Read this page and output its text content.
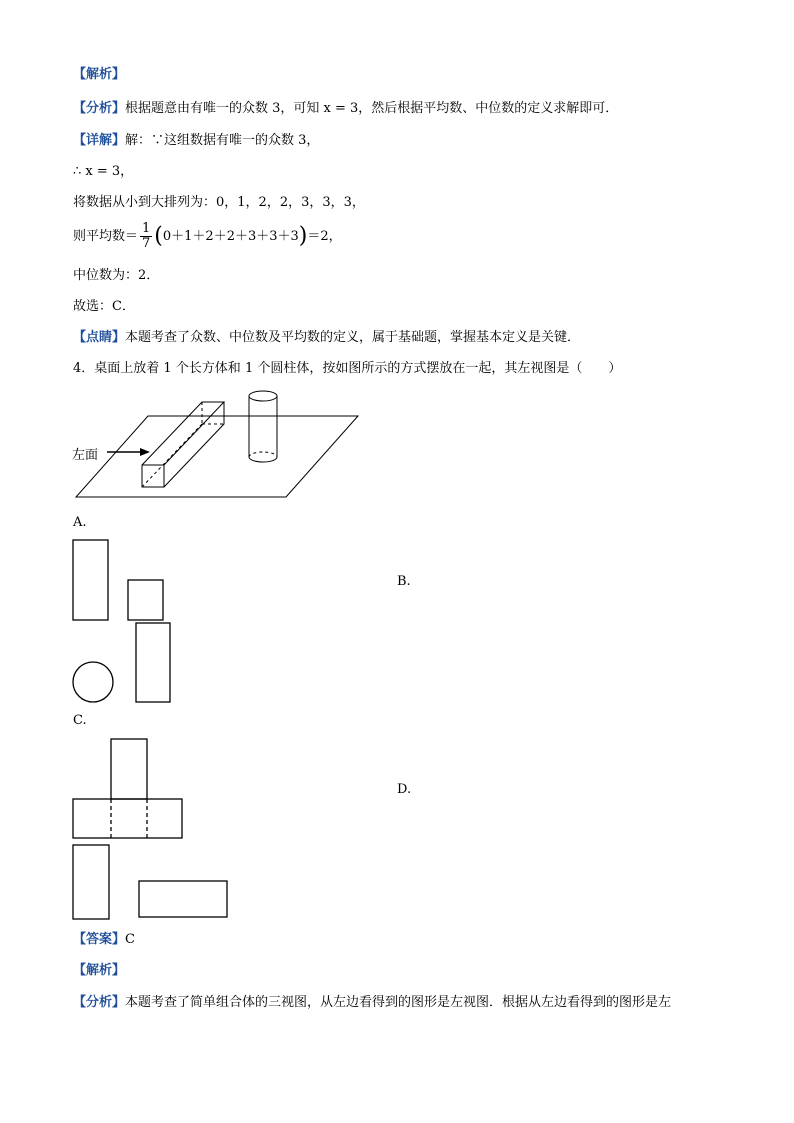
【解析】
【分析】根据题意由有唯一的众数 3，可知 x = 3，然后根据平均数、中位数的定义求解即可．
【详解】解：∵这组数据有唯一的众数 3，
∴ x = 3，
将数据从小到大排列为：0，1，2，2，3，3，3，
则平均数＝ $\frac{1}{7} (0+1+2+2+3+3+3)=2$，
中位数为：2．
故选：C．
【点睛】本题考查了众数、中位数及平均数的定义，属于基础题，掌握基本定义是关键．
4．桌面上放着 1 个长方体和 1 个圆柱体，按如图所示的方式摆放在一起，其左视图是（　　）
左面
A.
B.
C.
D.
【答案】C
【解析】
【分析】本题考查了简单组合体的三视图，从左边看得到的图形是左视图．根据从左边看得到的图形是左
